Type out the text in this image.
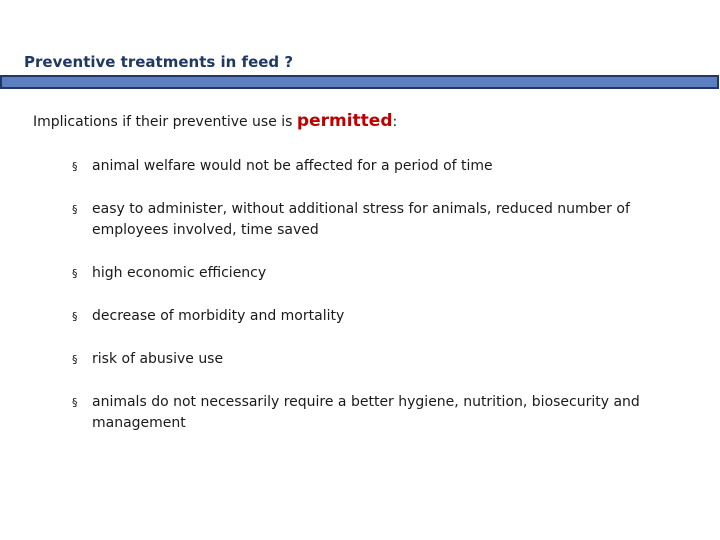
Preventive treatments in feed ?
Implications if their preventive use is permitted:
§ animal welfare would not be affected for a period of time
§ easy to administer, without additional stress for animals, reduced number of employees involved, time saved
§ high economic efficiency
§ decrease of morbidity and mortality
§ risk of abusive use
§ animals do not necessarily require a better hygiene, nutrition, biosecurity and management
